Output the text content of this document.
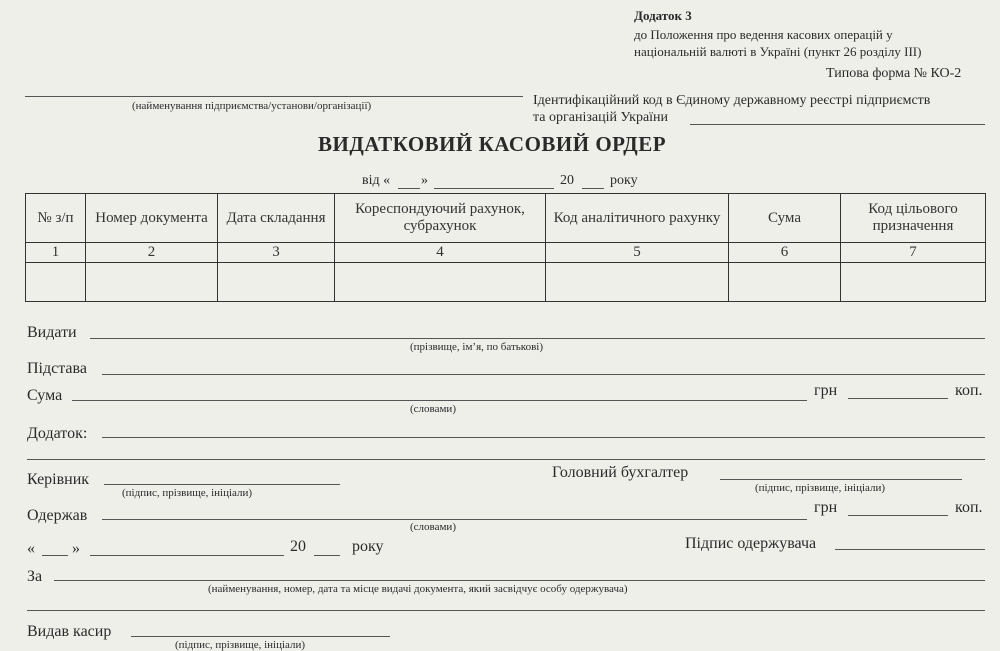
Додаток 3
до Положення про ведення касових операцій у
національній валюті в Україні (пункт 26 розділу III)
Типова форма № КО-2
(найменування підприємства/установи/організації)	Ідентифікаційний код в Єдиному державному реєстрі підприємств
та організацій України
ВИДАТКОВИЙ КАСОВИЙ ОРДЕР
від « »	20	року
№ з/п	Номер документа	Дата складання	Кореспондуючий рахунок, субрахунок	Код аналітичного рахунку	Сума	Код цільового призначення
1	2	3	4	5	6	7

Видати
(прізвище, ім’я, по батькові)
Підстава
Сума
(словами)
грн	коп.
Додаток:
Керівник
(підпис, прізвище, ініціали)
Головний бухгалтер
(підпис, прізвище, ініціали)
Одержав
(словами)
грн	коп.
« »	20	року	Підпис одержувача
За
(найменування, номер, дата та місце видачі документа, який засвідчує особу одержувача)
Видав касир
(підпис, прізвище, ініціали)
